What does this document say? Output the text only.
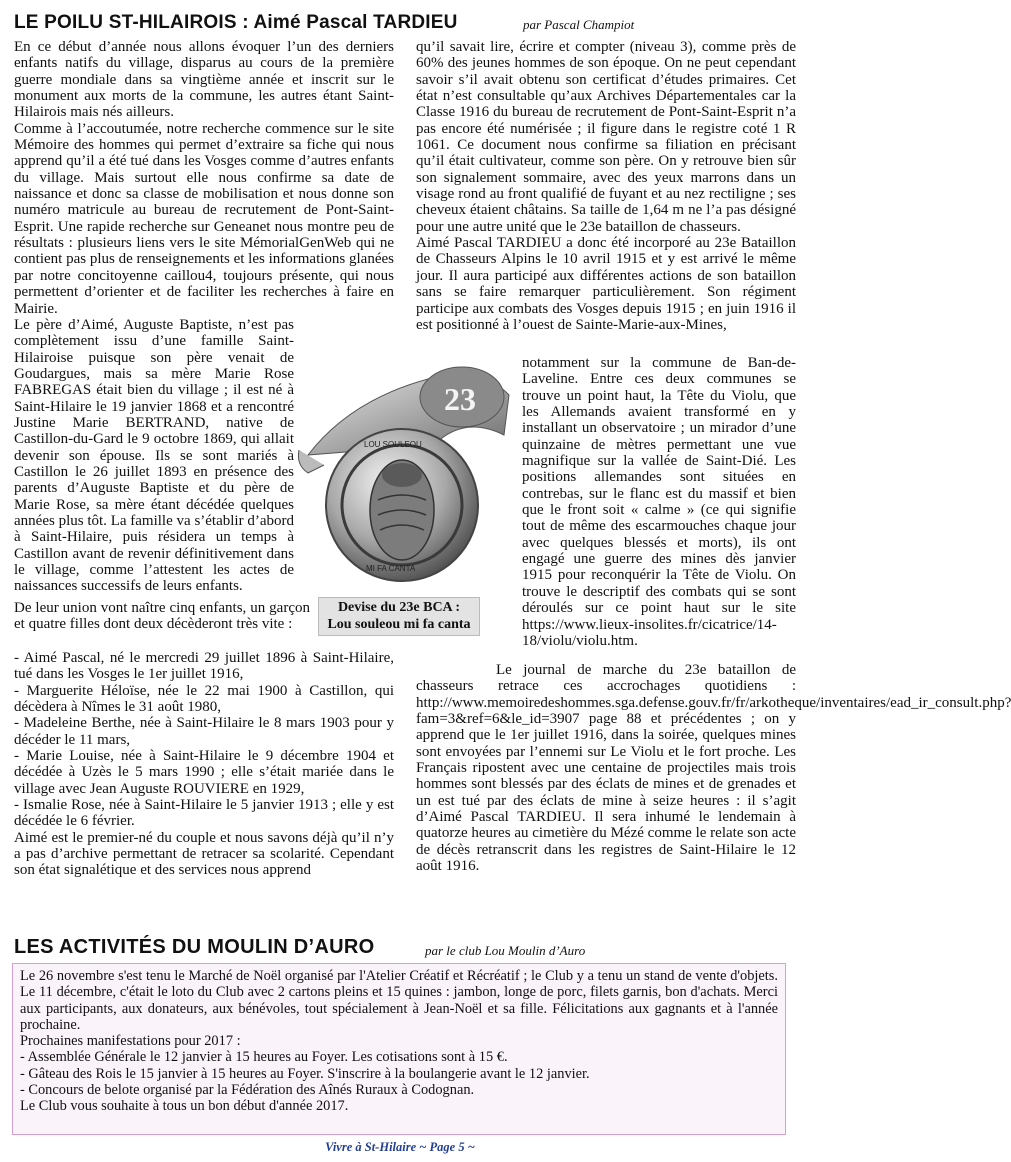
LE POILU ST-HILAIROIS : Aimé Pascal TARDIEU	par Pascal Champiot

En ce début d’année nous allons évoquer l’un des derniers enfants natifs du village, disparus au cours de la première guerre mondiale dans sa vingtième année et inscrit sur le monument aux morts de la commune, les autres étant Saint-Hilairois mais nés ailleurs.

Comme à l’accoutumée, notre recherche commence sur le site Mémoire des hommes qui permet d’extraire sa fiche qui nous apprend qu’il a été tué dans les Vosges comme d’autres enfants du village. Mais surtout elle nous confirme sa date de naissance et donc sa classe de mobilisation et nous donne son numéro matricule au bureau de recrutement de Pont-Saint-Esprit. Une rapide recherche sur Geneanet nous montre peu de résultats : plusieurs liens vers le site MémorialGenWeb qui ne contient pas plus de renseignements et les informations glanées par notre concitoyenne caillou4, toujours présente, qui nous permettent d’orienter et de faciliter les recherches à faire en Mairie.

Le père d’Aimé, Auguste Baptiste, n’est pas complètement issu d’une famille Saint-Hilairoise puisque son père venait de Goudargues, mais sa mère Marie Rose FABREGAS était bien du village ; il est né à Saint-Hilaire le 19 janvier 1868 et a rencontré Justine Marie BERTRAND, native de Castillon-du-Gard le 9 octobre 1869, qui allait devenir son épouse. Ils se sont mariés à Castillon le 26 juillet 1893 en présence des parents d’Auguste Baptiste et du père de Marie Rose, sa mère étant décédée quelques années plus tôt. La famille va s’établir d’abord à Saint-Hilaire, puis résidera un temps à Castillon avant de revenir définitivement dans le village, comme l’attestent les actes de naissances successifs de leurs enfants.

De leur union vont naître cinq enfants, un garçon et quatre filles dont deux décèderont très vite :

- Aimé Pascal, né le mercredi 29 juillet 1896 à Saint-Hilaire, tué dans les Vosges le 1er juillet 1916,

- Marguerite Héloïse, née le 22 mai 1900 à Castillon, qui décèdera à Nîmes le 31 août 1980,

- Madeleine Berthe, née à Saint-Hilaire le 8 mars 1903 pour y décéder le 11 mars,

- Marie Louise, née à Saint-Hilaire le 9 décembre 1904 et décédée à Uzès le 5 mars 1990 ; elle s’était mariée dans le village avec Jean Auguste ROUVIERE en 1929,

- Ismalie Rose, née à Saint-Hilaire le 5 janvier 1913 ; elle y est décédée le 6 février.

Aimé est le premier-né du couple et nous savons déjà qu’il n’y a pas d’archive permettant de retracer sa scolarité. Cependant son état signalétique et des services nous apprend

qu’il savait lire, écrire et compter (niveau 3), comme près de 60% des jeunes hommes de son époque. On ne peut cependant savoir s’il avait obtenu son certificat d’études primaires. Cet état n’est consultable qu’aux Archives Départementales car la Classe 1916 du bureau de recrutement de Pont-Saint-Esprit n’a pas encore été numérisée ; il figure dans le registre coté 1 R 1061. Ce document nous confirme sa filiation en précisant qu’il était cultivateur, comme son père. On y retrouve bien sûr son signalement sommaire, avec des yeux marrons dans un visage rond au front qualifié de fuyant et au nez rectiligne ; ses cheveux étaient châtains. Sa taille de 1,64 m ne l’a pas désigné pour une autre unité que le 23e bataillon de chasseurs.

Aimé Pascal TARDIEU a donc été incorporé au 23e Bataillon de Chasseurs Alpins le 10 avril 1915 et y est arrivé le même jour. Il aura participé aux différentes actions de son bataillon sans se faire remarquer particulièrement. Son régiment participe aux combats des Vosges depuis 1915 ; en juin 1916 il est positionné à l’ouest de Sainte-Marie-aux-Mines,

notamment sur la commune de Ban-de-Laveline. Entre ces deux communes se trouve un point haut, la Tête du Violu, que les Allemands avaient transformé en y installant un observatoire ; un mirador d’une quinzaine de mètres permettant une vue magnifique sur la vallée de Saint-Dié. Les positions allemandes sont situées en contrebas, sur le flanc est du massif et bien que le front soit « calme » (ce qui signifie tout de même des escarmouches chaque jour avec quelques blessés et morts), ils ont engagé une guerre des mines dès janvier 1915 pour reconquérir la Tête de Violu. On trouve le descriptif des combats qui se sont déroulés sur ce point haut sur le site https://www.lieux-insolites.fr/cicatrice/14-18/violu/violu.htm.

Le journal de marche du 23e bataillon de chasseurs retrace ces accrochages quotidiens : http://www.memoiredeshommes.sga.defense.gouv.fr/fr/arkotheque/inventaires/ead_ir_consult.php?fam=3&ref=6&le_id=3907 page 88 et précédentes ; on y apprend que le 1er juillet 1916, dans la soirée, quelques mines sont envoyées par l’ennemi sur Le Violu et le fort proche. Les Français ripostent avec une centaine de projectiles mais trois hommes sont blessés par des éclats de mines et de grenades et un est tué par des éclats de mine à seize heures : il s’agit d’Aimé Pascal TARDIEU. Il sera inhumé le lendemain à quatorze heures au cimetière du Mézé comme le relate son acte de décès retranscrit dans les registres de Saint-Hilaire le 12 août 1916.

23
LOU SOULEOU
MI FA CANTA
Devise du 23e BCA :
Lou souleou mi fa canta
LES ACTIVITÉS DU MOULIN D’AURO	par le club Lou Moulin d’Auro

Le 26 novembre s'est tenu le Marché de Noël organisé par l'Atelier Créatif et Récréatif ; le Club y a tenu un stand de vente d'objets. Le 11 décembre, c'était le loto du Club avec 2 cartons pleins et 15 quines : jambon, longe de porc, filets garnis, bon d'achats. Merci aux participants, aux donateurs, aux bénévoles, tout spécialement à Jean-Noël et sa fille. Félicitations aux gagnants et à l'année prochaine.

Prochaines manifestations pour 2017 :

- Assemblée Générale le 12 janvier à 15 heures au Foyer. Les cotisations sont à 15 €.

- Gâteau des Rois le 15 janvier à 15 heures au Foyer. S'inscrire à la boulangerie avant le 12 janvier.

- Concours de belote organisé par la Fédération des Aînés Ruraux à Codognan.

Le Club vous souhaite à tous un bon début d'année 2017.

Vivre à St-Hilaire ~ Page 5 ~
